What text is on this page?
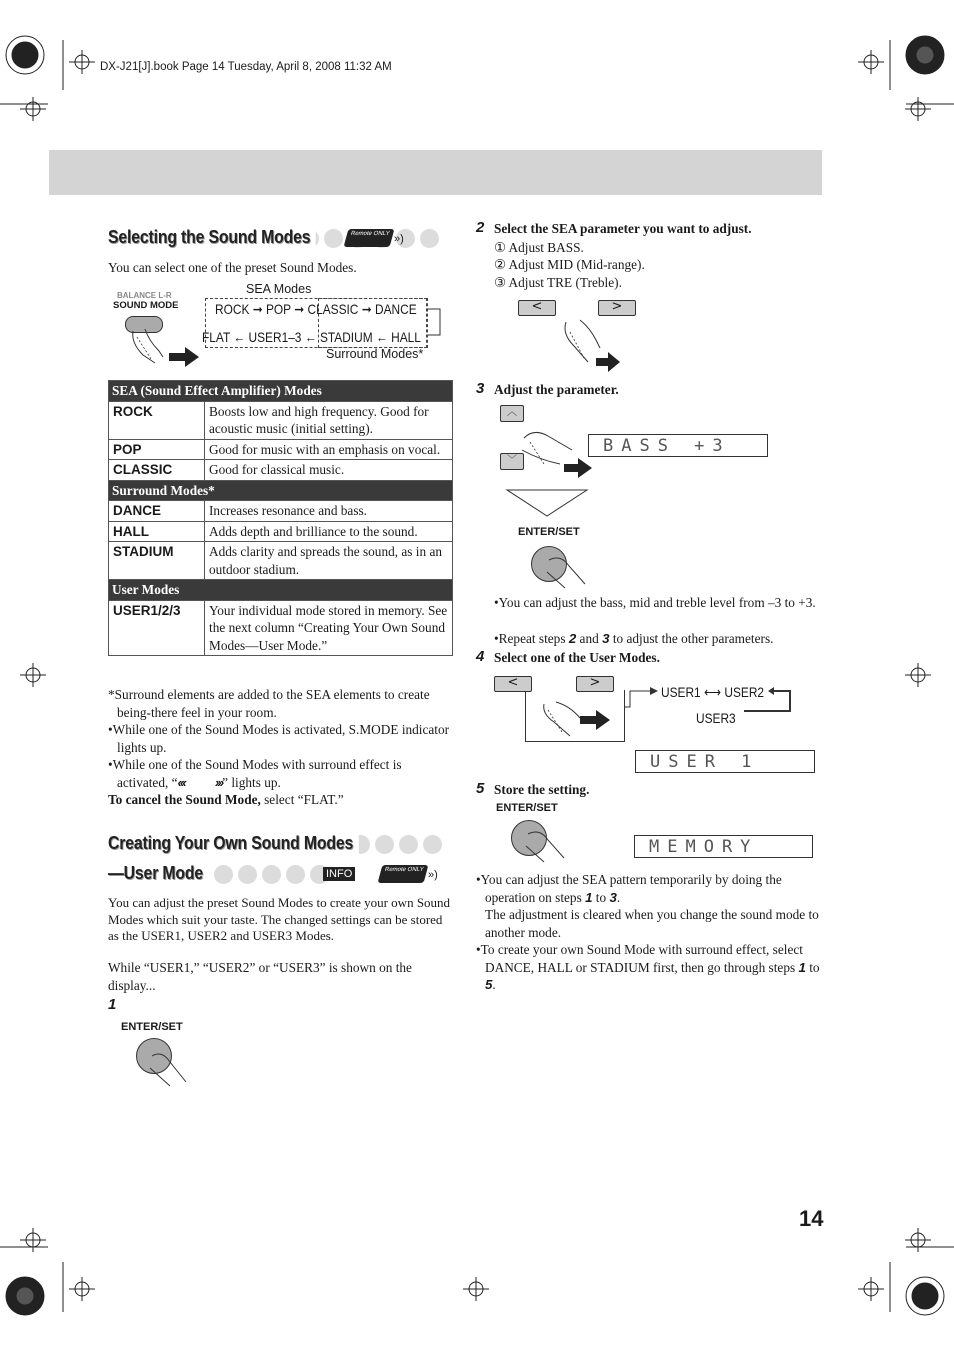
DX-J21[J].book Page 14 Tuesday, April 8, 2008 11:32 AM
Selecting the Sound Modes	Remote ONLY »)
You can select one of the preset Sound Modes.
BALANCE L-R
SOUND MODE
SEA Modes
ROCK ➞ POP ➞ CLASSIC ➞ DANCE
FLAT ← USER1–3 ← STADIUM ← HALL
Surround Modes*
SEA (Sound Effect Amplifier) Modes	
ROCK	Boosts low and high frequency. Good for acoustic music (initial setting).
POP	Good for music with an emphasis on vocal.
CLASSIC	Good for classical music.
Surround Modes*	
DANCE	Increases resonance and bass.
HALL	Adds depth and brilliance to the sound.
STADIUM	Adds clarity and spreads the sound, as in an outdoor stadium.
User Modes	
USER1/2/3	Your individual mode stored in memory. See the next column “Creating Your Own Sound Modes—User Mode.”
*Surround elements are added to the SEA elements to create being-there feel in your room.
•While one of the Sound Modes is activated, S.MODE indicator lights up.
•While one of the Sound Modes with surround effect is activated, “‹‹‹ ›››” lights up.
To cancel the Sound Mode, select “FLAT.”
Creating Your Own Sound Modes
—User Mode	INFO	Remote ONLY »)
You can adjust the preset Sound Modes to create your own Sound Modes which suit your taste. The changed settings can be stored as the USER1, USER2 and USER3 Modes.
While “USER1,” “USER2” or “USER3” is shown on the display...
1
ENTER/SET
2 Select the SEA parameter you want to adjust.
① Adjust BASS.
② Adjust MID (Mid-range).
③ Adjust TRE (Treble).
<	>
3 Adjust the parameter.
︿
﹀
BASS +3
ENTER/SET
•You can adjust the bass, mid and treble level from –3 to +3.
•Repeat steps 2 and 3 to adjust the other parameters.
4 Select one of the User Modes.
<	>
USER1 ⟷ USER2
USER3
USER 1
5 Store the setting.
ENTER/SET
MEMORY
•You can adjust the SEA pattern temporarily by doing the operation on steps 1 to 3.
The adjustment is cleared when you change the sound mode to another mode.
•To create your own Sound Mode with surround effect, select DANCE, HALL or STADIUM first, then go through steps 1 to 5.
14
